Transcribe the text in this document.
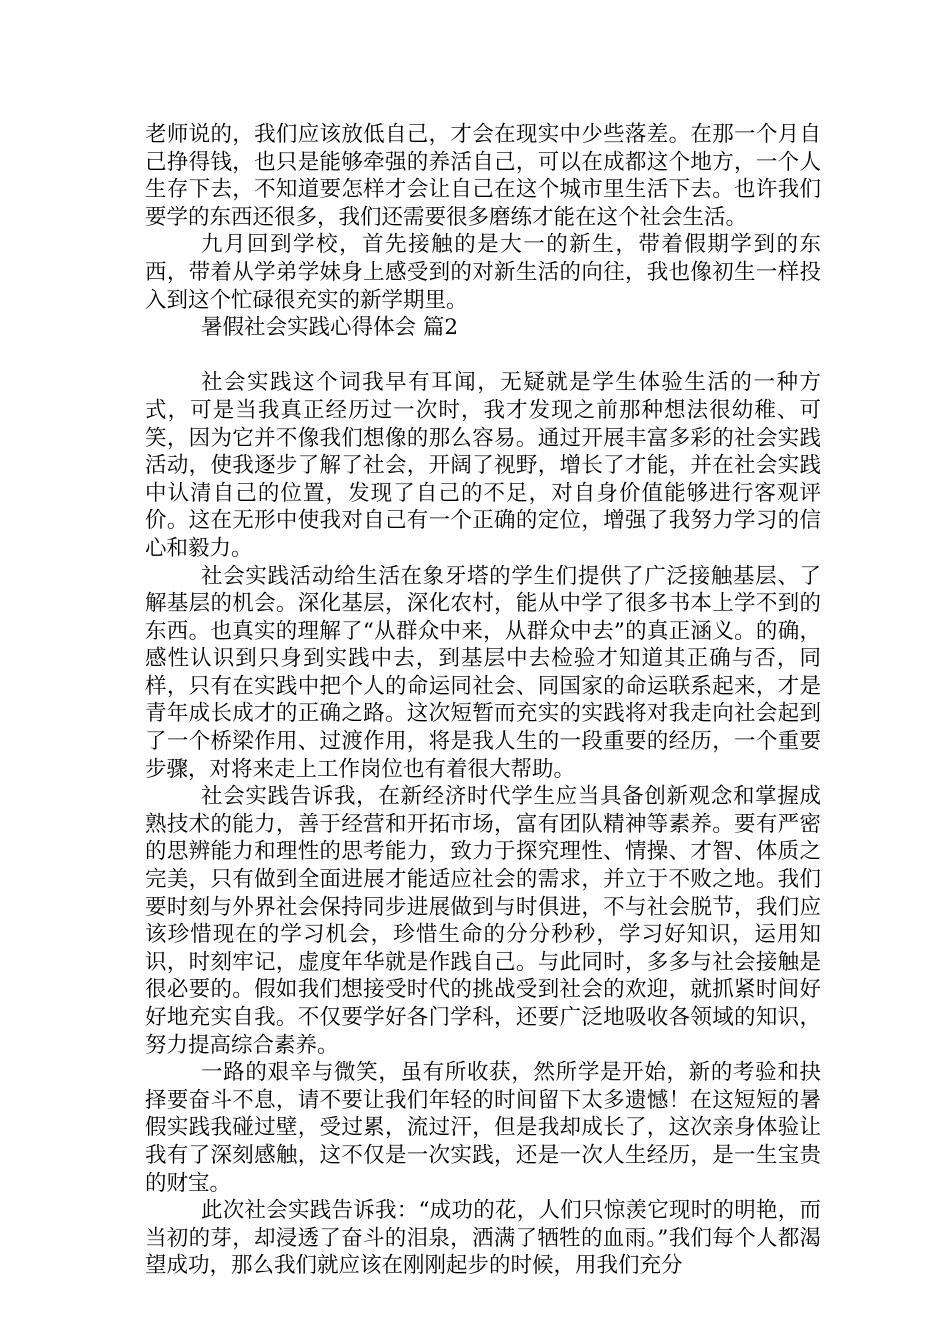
老师说的，我们应该放低自己，才会在现实中少些落差。在那一个月自己挣得钱，也只是能够牵强的养活自己，可以在成都这个地方，一个人生存下去，不知道要怎样才会让自己在这个城市里生活下去。也许我们要学的东西还很多，我们还需要很多磨练才能在这个社会生活。

九月回到学校，首先接触的是大一的新生，带着假期学到的东西，带着从学弟学妹身上感受到的对新生活的向往，我也像初生一样投入到这个忙碌很充实的新学期里。

暑假社会实践心得体会 篇2

社会实践这个词我早有耳闻，无疑就是学生体验生活的一种方式，可是当我真正经历过一次时，我才发现之前那种想法很幼稚、可笑，因为它并不像我们想像的那么容易。通过开展丰富多彩的社会实践活动，使我逐步了解了社会，开阔了视野，增长了才能，并在社会实践中认清自己的位置，发现了自己的不足，对自身价值能够进行客观评价。这在无形中使我对自己有一个正确的定位，增强了我努力学习的信心和毅力。

社会实践活动给生活在象牙塔的学生们提供了广泛接触基层、了解基层的机会。深化基层，深化农村，能从中学了很多书本上学不到的东西。也真实的理解了“从群众中来，从群众中去”的真正涵义。的确，感性认识到只身到实践中去，到基层中去检验才知道其正确与否，同样，只有在实践中把个人的命运同社会、同国家的命运联系起来，才是青年成长成才的正确之路。这次短暂而充实的实践将对我走向社会起到了一个桥梁作用、过渡作用，将是我人生的一段重要的经历，一个重要步骤，对将来走上工作岗位也有着很大帮助。

社会实践告诉我，在新经济时代学生应当具备创新观念和掌握成熟技术的能力，善于经营和开拓市场，富有团队精神等素养。要有严密的思辨能力和理性的思考能力，致力于探究理性、情操、才智、体质之完美，只有做到全面进展才能适应社会的需求，并立于不败之地。我们要时刻与外界社会保持同步进展做到与时俱进，不与社会脱节，我们应该珍惜现在的学习机会，珍惜生命的分分秒秒，学习好知识，运用知识，时刻牢记，虚度年华就是作践自己。与此同时，多多与社会接触是很必要的。假如我们想接受时代的挑战受到社会的欢迎，就抓紧时间好好地充实自我。不仅要学好各门学科，还要广泛地吸收各领域的知识，努力提高综合素养。

一路的艰辛与微笑，虽有所收获，然所学是开始，新的考验和抉择要奋斗不息，请不要让我们年轻的时间留下太多遗憾！在这短短的暑假实践我碰过壁，受过累，流过汗，但是我却成长了，这次亲身体验让我有了深刻感触，这不仅是一次实践，还是一次人生经历，是一生宝贵的财宝。

此次社会实践告诉我：“成功的花，人们只惊羡它现时的明艳，而当初的芽，却浸透了奋斗的泪泉，洒满了牺牲的血雨。”我们每个人都渴望成功，那么我们就应该在刚刚起步的时候，用我们充分
